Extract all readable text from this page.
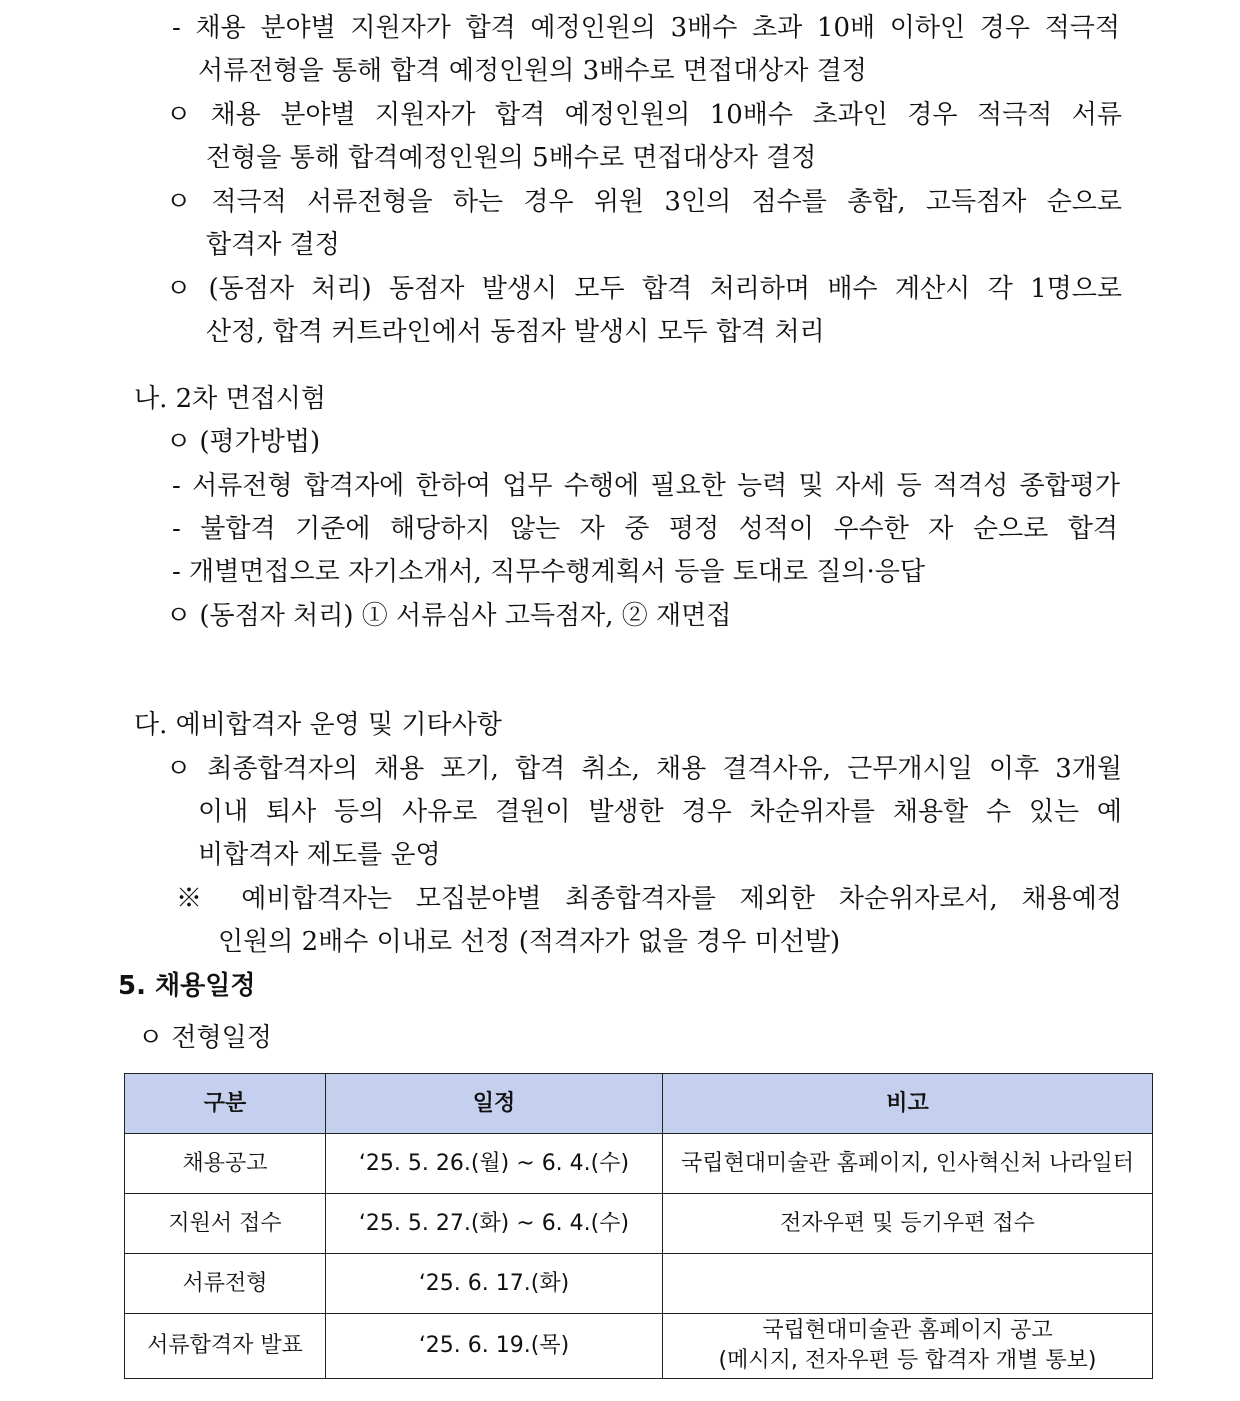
- 채용 분야별 지원자가 합격 예정인원의 3배수 초과 10배 이하인 경우 적극적
서류전형을 통해 합격 예정인원의 3배수로 면접대상자 결정
ㅇ 채용 분야별 지원자가 합격 예정인원의 10배수 초과인 경우 적극적 서류
전형을 통해 합격예정인원의 5배수로 면접대상자 결정
ㅇ 적극적 서류전형을 하는 경우 위원 3인의 점수를 총합, 고득점자 순으로
합격자 결정
ㅇ (동점자 처리) 동점자 발생시 모두 합격 처리하며 배수 계산시 각 1명으로
산정, 합격 커트라인에서 동점자 발생시 모두 합격 처리
나. 2차 면접시험
ㅇ (평가방법)
- 서류전형 합격자에 한하여 업무 수행에 필요한 능력 및 자세 등 적격성 종합평가
- 불합격 기준에 해당하지 않는 자 중 평정 성적이 우수한 자 순으로 합격
- 개별면접으로 자기소개서, 직무수행계획서 등을 토대로 질의·응답
ㅇ (동점자 처리) ① 서류심사 고득점자, ② 재면접
다. 예비합격자 운영 및 기타사항
ㅇ 최종합격자의 채용 포기, 합격 취소, 채용 결격사유, 근무개시일 이후 3개월
이내 퇴사 등의 사유로 결원이 발생한 경우 차순위자를 채용할 수 있는 예
비합격자 제도를 운영
※ 예비합격자는 모집분야별 최종합격자를 제외한 차순위자로서, 채용예정
인원의 2배수 이내로 선정 (적격자가 없을 경우 미선발)
5. 채용일정
ㅇ 전형일정
구분	일정	비고
채용공고	‘25. 5. 26.(월) ~ 6. 4.(수)	국립현대미술관 홈페이지, 인사혁신처 나라일터
지원서 접수	‘25. 5. 27.(화) ~ 6. 4.(수)	전자우편 및 등기우편 접수
서류전형	‘25. 6. 17.(화)	
서류합격자 발표	‘25. 6. 19.(목)	국립현대미술관 홈페이지 공고
(메시지, 전자우편 등 합격자 개별 통보)
